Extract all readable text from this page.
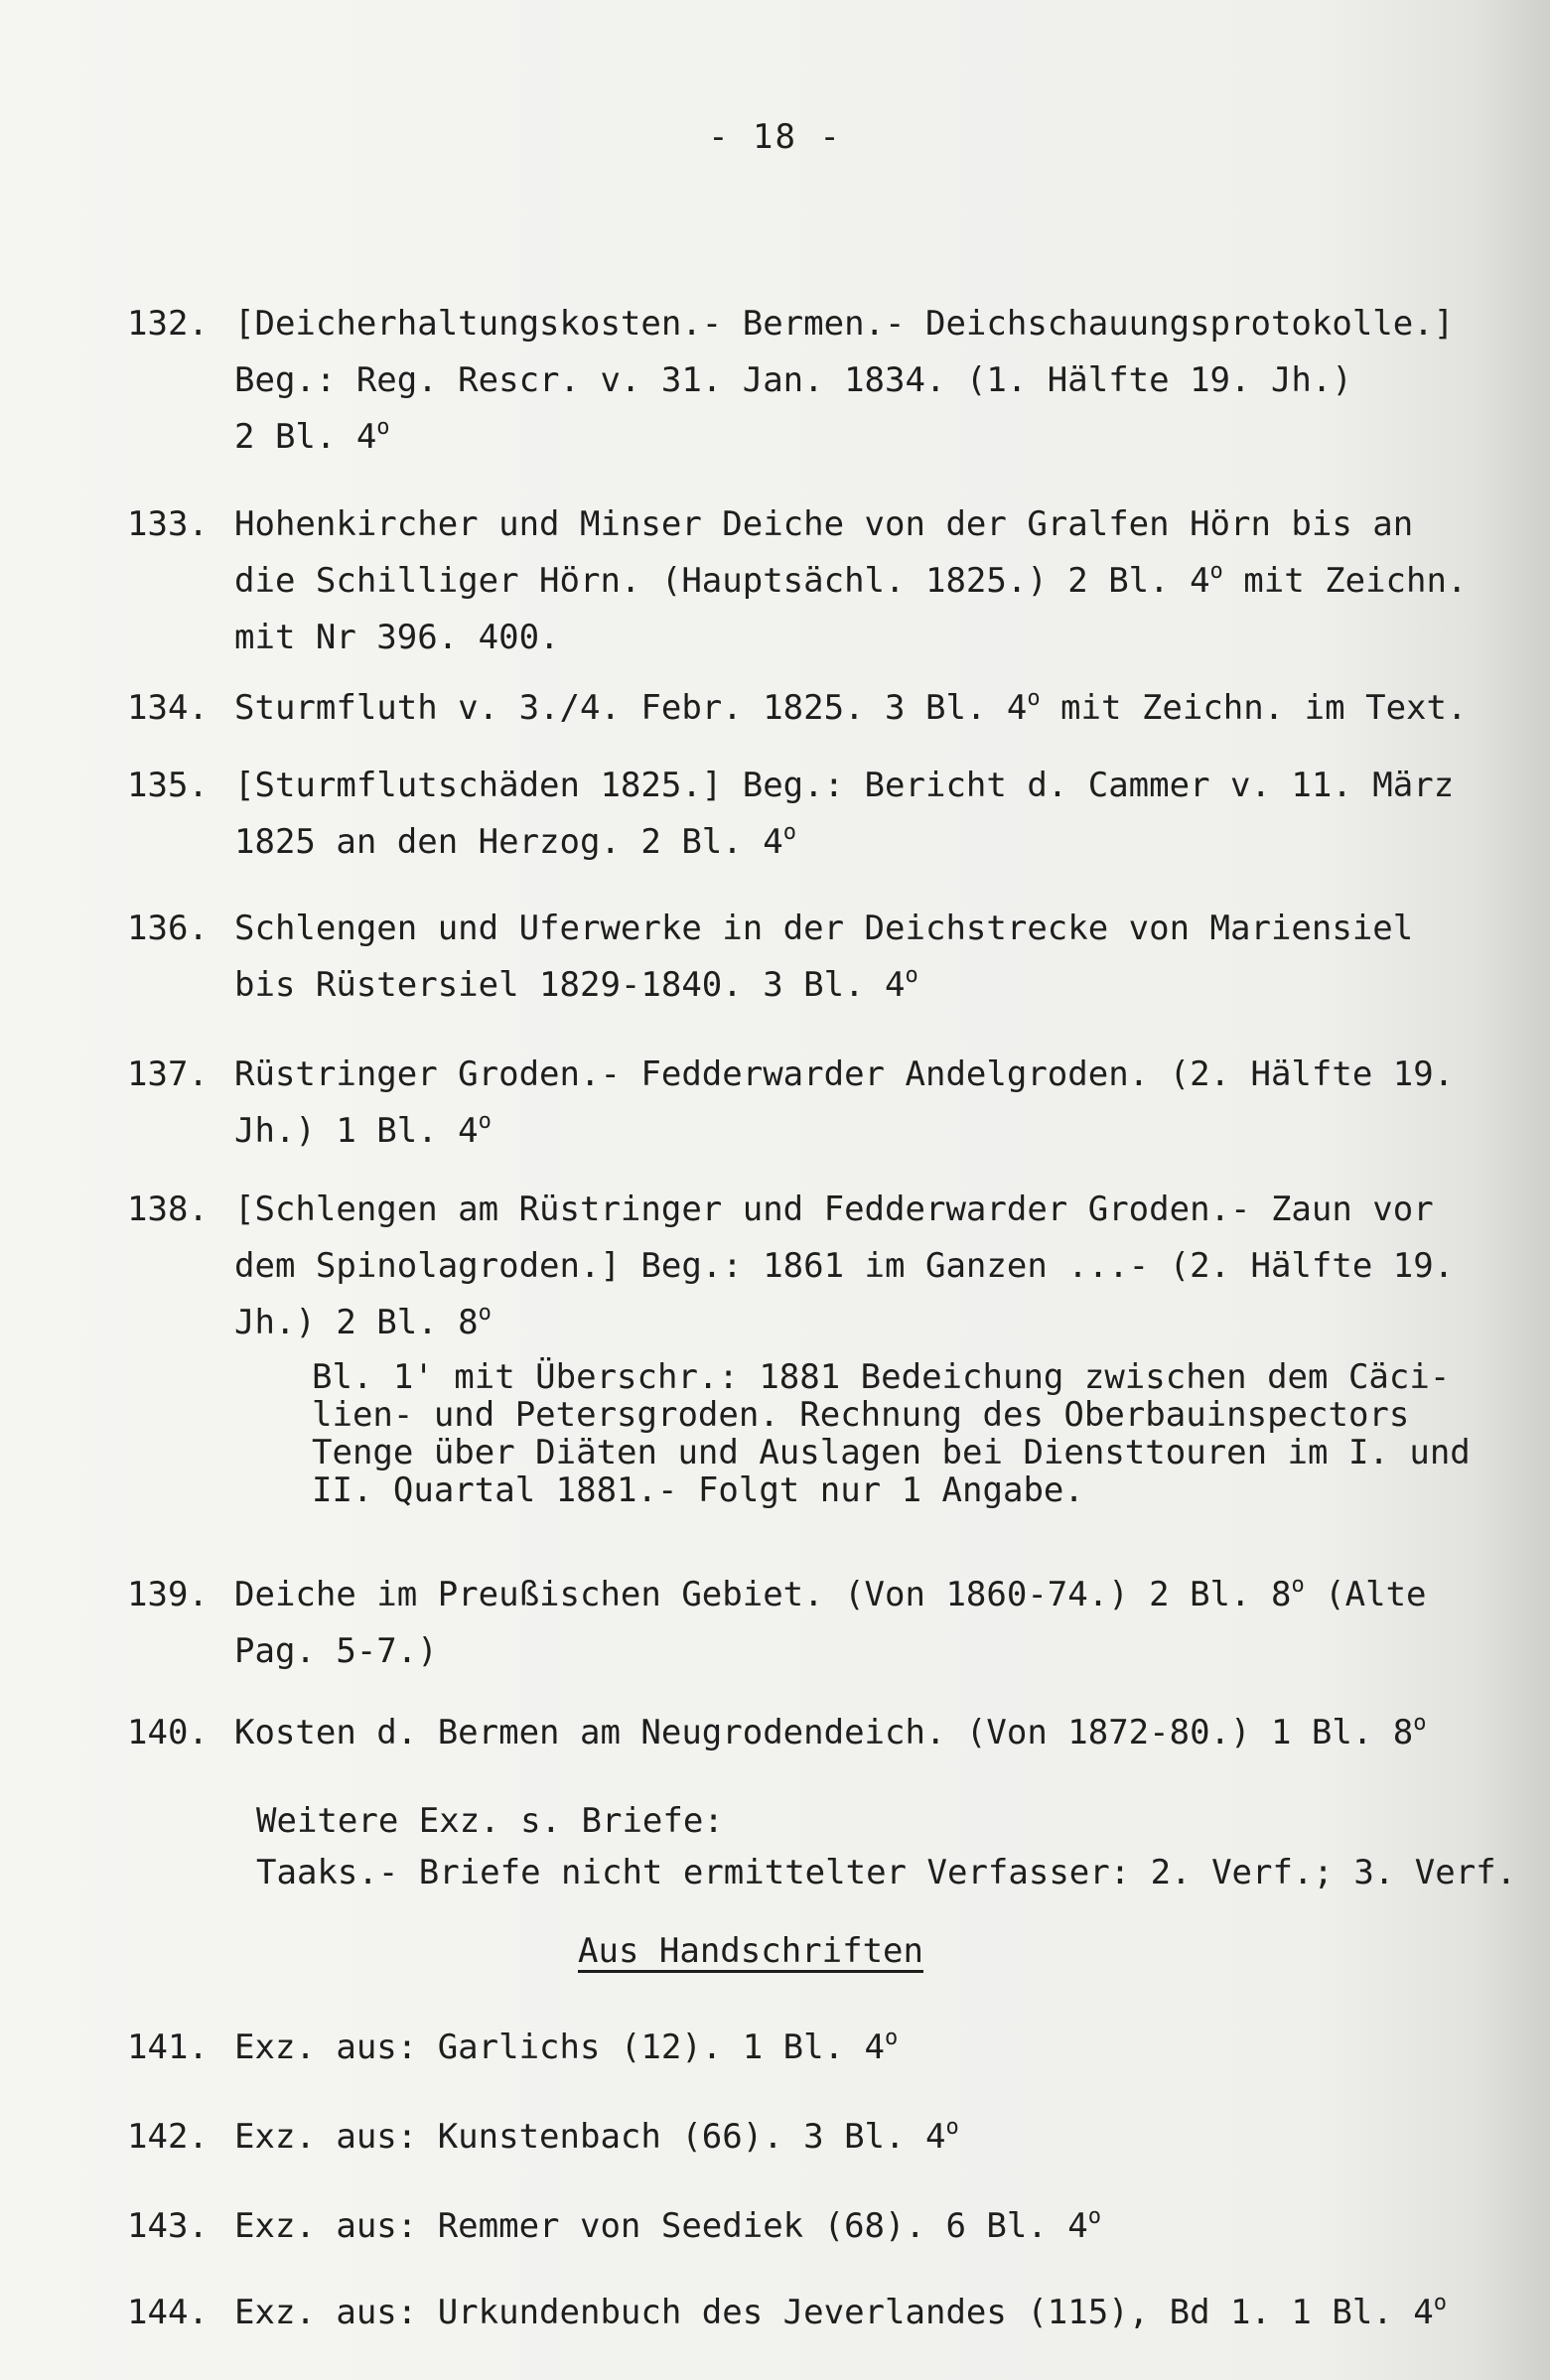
- 18 -
132. [Deicherhaltungskosten.- Bermen.- Deichschauungsprotokolle.]
Beg.: Reg. Rescr. v. 31. Jan. 1834. (1. Hälfte 19. Jh.)
2 Bl. 4$^o$
133. Hohenkircher und Minser Deiche von der Gralfen Hörn bis an
die Schilliger Hörn. (Hauptsächl. 1825.) 2 Bl. 4$^o$ mit Zeichn.
mit Nr 396. 400.
134. Sturmfluth v. 3./4. Febr. 1825. 3 Bl. 4$^o$ mit Zeichn. im Text.
135. [Sturmflutschäden 1825.] Beg.: Bericht d. Cammer v. 11. März
1825 an den Herzog. 2 Bl. 4$^o$
136. Schlengen und Uferwerke in der Deichstrecke von Mariensiel
bis Rüstersiel 1829-1840. 3 Bl. 4$^o$
137. Rüstringer Groden.- Fedderwarder Andelgroden. (2. Hälfte 19.
Jh.) 1 Bl. 4$^o$
138. [Schlengen am Rüstringer und Fedderwarder Groden.- Zaun vor
dem Spinolagroden.] Beg.: 1861 im Ganzen ...- (2. Hälfte 19.
Jh.) 2 Bl. 8$^o$
139. Deiche im Preußischen Gebiet. (Von 1860-74.) 2 Bl. 8$^o$ (Alte
Pag. 5-7.)
140. Kosten d. Bermen am Neugrodendeich. (Von 1872-80.) 1 Bl. 8$^o$
141. Exz. aus: Garlichs (12). 1 Bl. 4$^o$
142. Exz. aus: Kunstenbach (66). 3 Bl. 4$^o$
143. Exz. aus: Remmer von Seediek (68). 6 Bl. 4$^o$
144. Exz. aus: Urkundenbuch des Jeverlandes (115), Bd 1. 1 Bl. 4$^o$
Bl. 1' mit Überschr.: 1881 Bedeichung zwischen dem Cäci-
lien- und Petersgroden. Rechnung des Oberbauinspectors
Tenge über Diäten und Auslagen bei Diensttouren im I. und
II. Quartal 1881.- Folgt nur 1 Angabe.
Weitere Exz. s. Briefe:
Taaks.- Briefe nicht ermittelter Verfasser: 2. Verf.; 3. Verf.
Aus Handschriften
